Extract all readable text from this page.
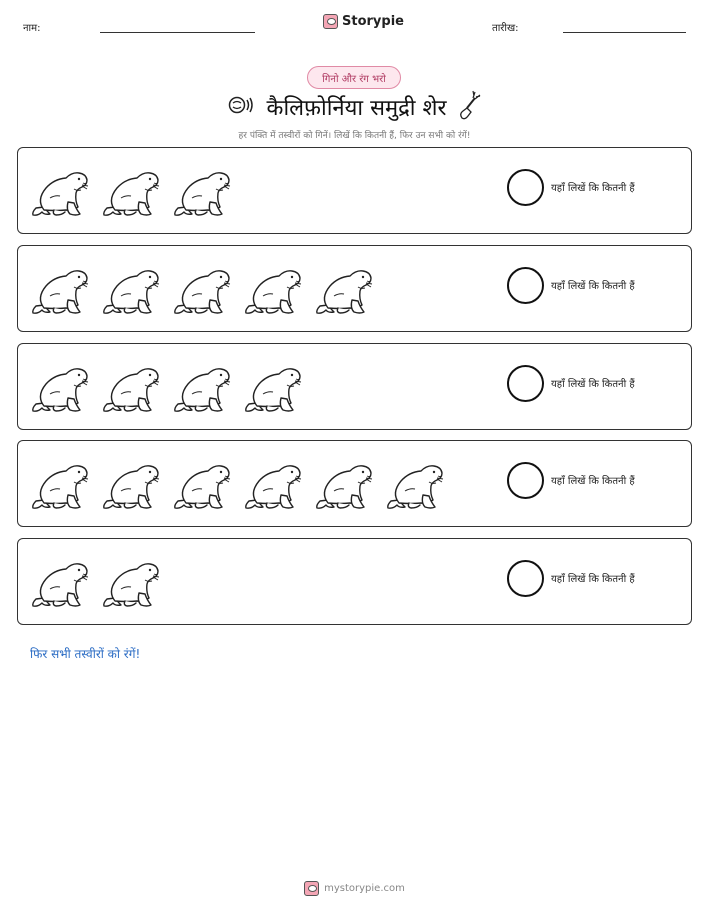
नाम:	Storypie	तारीख:
गिनो और रंग भरो
कैलिफ़ोर्निया समुद्री शेर
हर पंक्ति में तस्वीरों को गिनें। लिखें कि कितनी हैं, फिर उन सभी को रंगें!
यहाँ लिखें कि कितनी हैं
यहाँ लिखें कि कितनी हैं
यहाँ लिखें कि कितनी हैं
यहाँ लिखें कि कितनी हैं
यहाँ लिखें कि कितनी हैं
फिर सभी तस्वीरों को रंगें!
mystorypie.com
